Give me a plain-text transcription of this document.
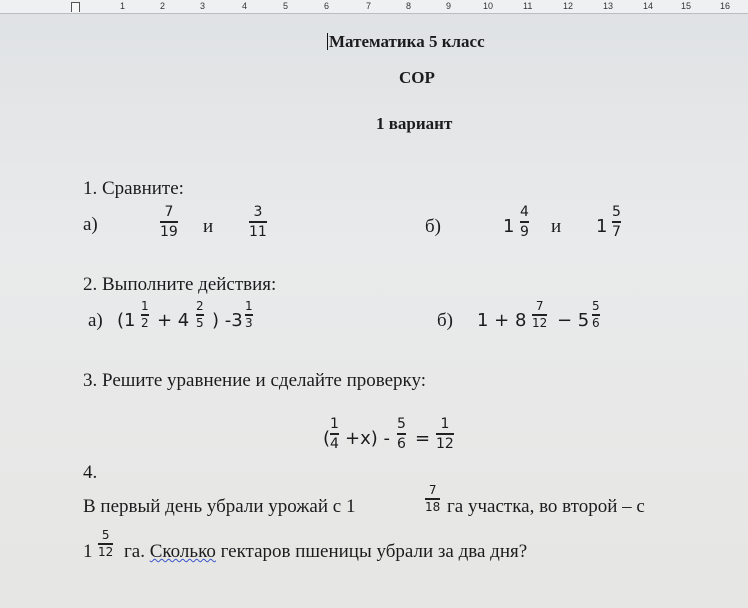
1	2	3	4	5	6	7	8	9	10	11	12	13	14	15	16
Математика 5 класс
СОР
1 вариант
1. Сравните:
а)
7
19 и
3
11	б)	1
4
9 и 1
5
7
2. Выполните действия:
а) (1
1
2 + 4
2
5 ) -3
1
3	б) 1 + 8
7
12 − 5
5
6
3. Решите уравнение и сделайте проверку:
(
1
4 +x) -
5
6 =
1
12
4.
В первый день убрали урожай с 1
7
18 га участка, во второй – с
1
5
12 га. Сколько гектаров пшеницы убрали за два дня?
